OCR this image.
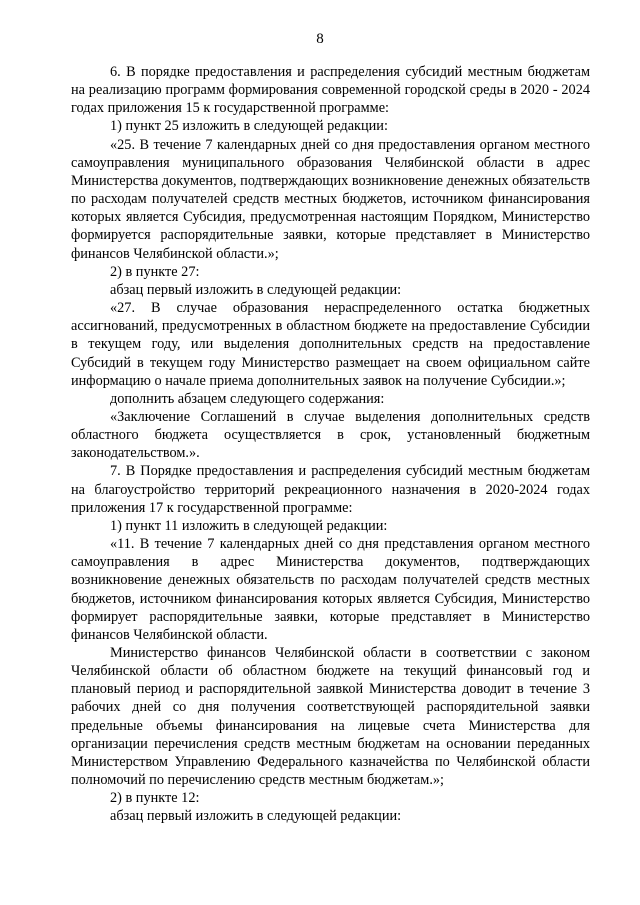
8

6. В порядке предоставления и распределения субсидий местным бюджетам на реализацию программ формирования современной городской среды в 2020 - 2024 годах приложения 15 к государственной программе:

1) пункт 25 изложить в следующей редакции:

«25. В течение 7 календарных дней со дня предоставления органом местного самоуправления муниципального образования Челябинской области в адрес Министерства документов, подтверждающих возникновение денежных обязательств по расходам получателей средств местных бюджетов, источником финансирования которых является Субсидия, предусмотренная настоящим Порядком, Министерство формируется распорядительные заявки, которые представляет в Министерство финансов Челябинской области.»;

2) в пункте 27:

абзац первый изложить в следующей редакции:

«27. В случае образования нераспределенного остатка бюджетных ассигнований, предусмотренных в областном бюджете на предоставление Субсидии в текущем году, или выделения дополнительных средств на предоставление Субсидий в текущем году Министерство размещает на своем официальном сайте информацию о начале приема дополнительных заявок на получение Субсидии.»;

дополнить абзацем следующего содержания:

«Заключение Соглашений в случае выделения дополнительных средств областного бюджета осуществляется в срок, установленный бюджетным законодательством.».

7. В Порядке предоставления и распределения субсидий местным бюджетам на благоустройство территорий рекреационного назначения в 2020-2024 годах приложения 17 к государственной программе:

1) пункт 11 изложить в следующей редакции:

«11. В течение 7 календарных дней со дня представления органом местного самоуправления в адрес Министерства документов, подтверждающих возникновение денежных обязательств по расходам получателей средств местных бюджетов, источником финансирования которых является Субсидия, Министерство формирует распорядительные заявки, которые представляет в Министерство финансов Челябинской области.

Министерство финансов Челябинской области в соответствии с законом Челябинской области об областном бюджете на текущий финансовый год и плановый период и распорядительной заявкой Министерства доводит в течение 3 рабочих дней со дня получения соответствующей распорядительной заявки предельные объемы финансирования на лицевые счета Министерства для организации перечисления средств местным бюджетам на основании переданных Министерством Управлению Федерального казначейства по Челябинской области полномочий по перечислению средств местным бюджетам.»;

2) в пункте 12:

абзац первый изложить в следующей редакции:
